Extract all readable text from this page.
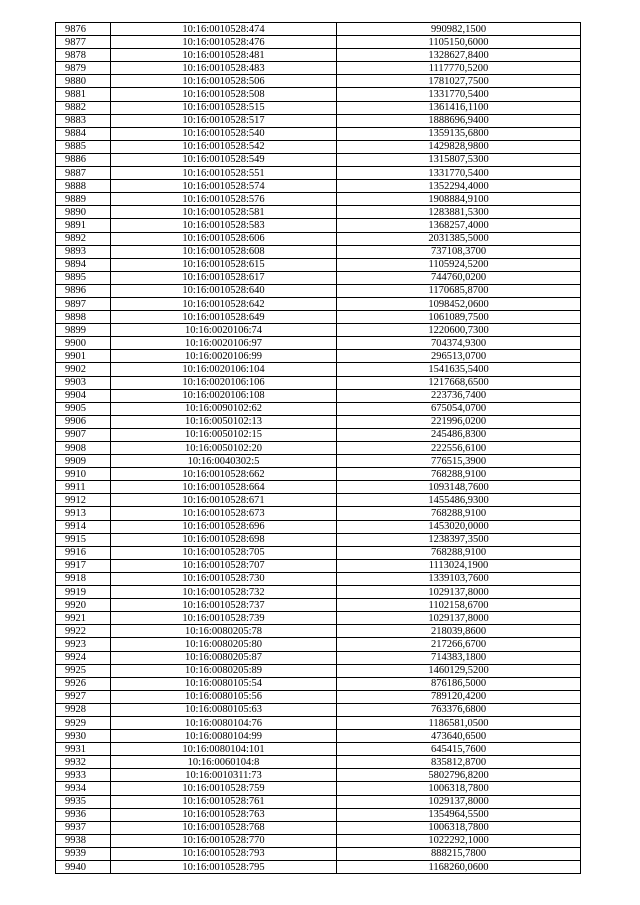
9876	10:16:0010528:474	990982,1500
9877	10:16:0010528:476	1105150,6000
9878	10:16:0010528:481	1328627,8400
9879	10:16:0010528:483	1117770,5200
9880	10:16:0010528:506	1781027,7500
9881	10:16:0010528:508	1331770,5400
9882	10:16:0010528:515	1361416,1100
9883	10:16:0010528:517	1888696,9400
9884	10:16:0010528:540	1359135,6800
9885	10:16:0010528:542	1429828,9800
9886	10:16:0010528:549	1315807,5300
9887	10:16:0010528:551	1331770,5400
9888	10:16:0010528:574	1352294,4000
9889	10:16:0010528:576	1908884,9100
9890	10:16:0010528:581	1283881,5300
9891	10:16:0010528:583	1368257,4000
9892	10:16:0010528:606	2031385,5000
9893	10:16:0010528:608	737108,3700
9894	10:16:0010528:615	1105924,5200
9895	10:16:0010528:617	744760,0200
9896	10:16:0010528:640	1170685,8700
9897	10:16:0010528:642	1098452,0600
9898	10:16:0010528:649	1061089,7500
9899	10:16:0020106:74	1220600,7300
9900	10:16:0020106:97	704374,9300
9901	10:16:0020106:99	296513,0700
9902	10:16:0020106:104	1541635,5400
9903	10:16:0020106:106	1217668,6500
9904	10:16:0020106:108	223736,7400
9905	10:16:0090102:62	675054,0700
9906	10:16:0050102:13	221996,0200
9907	10:16:0050102:15	245486,8300
9908	10:16:0050102:20	222556,6100
9909	10:16:0040302:5	776515,3900
9910	10:16:0010528:662	768288,9100
9911	10:16:0010528:664	1093148,7600
9912	10:16:0010528:671	1455486,9300
9913	10:16:0010528:673	768288,9100
9914	10:16:0010528:696	1453020,0000
9915	10:16:0010528:698	1238397,3500
9916	10:16:0010528:705	768288,9100
9917	10:16:0010528:707	1113024,1900
9918	10:16:0010528:730	1339103,7600
9919	10:16:0010528:732	1029137,8000
9920	10:16:0010528:737	1102158,6700
9921	10:16:0010528:739	1029137,8000
9922	10:16:0080205:78	218039,8600
9923	10:16:0080205:80	217266,6700
9924	10:16:0080205:87	714383,1800
9925	10:16:0080205:89	1460129,5200
9926	10:16:0080105:54	876186,5000
9927	10:16:0080105:56	789120,4200
9928	10:16:0080105:63	763376,6800
9929	10:16:0080104:76	1186581,0500
9930	10:16:0080104:99	473640,6500
9931	10:16:0080104:101	645415,7600
9932	10:16:0060104:8	835812,8700
9933	10:16:0010311:73	5802796,8200
9934	10:16:0010528:759	1006318,7800
9935	10:16:0010528:761	1029137,8000
9936	10:16:0010528:763	1354964,5500
9937	10:16:0010528:768	1006318,7800
9938	10:16:0010528:770	1022292,1000
9939	10:16:0010528:793	888215,7800
9940	10:16:0010528:795	1168260,0600
